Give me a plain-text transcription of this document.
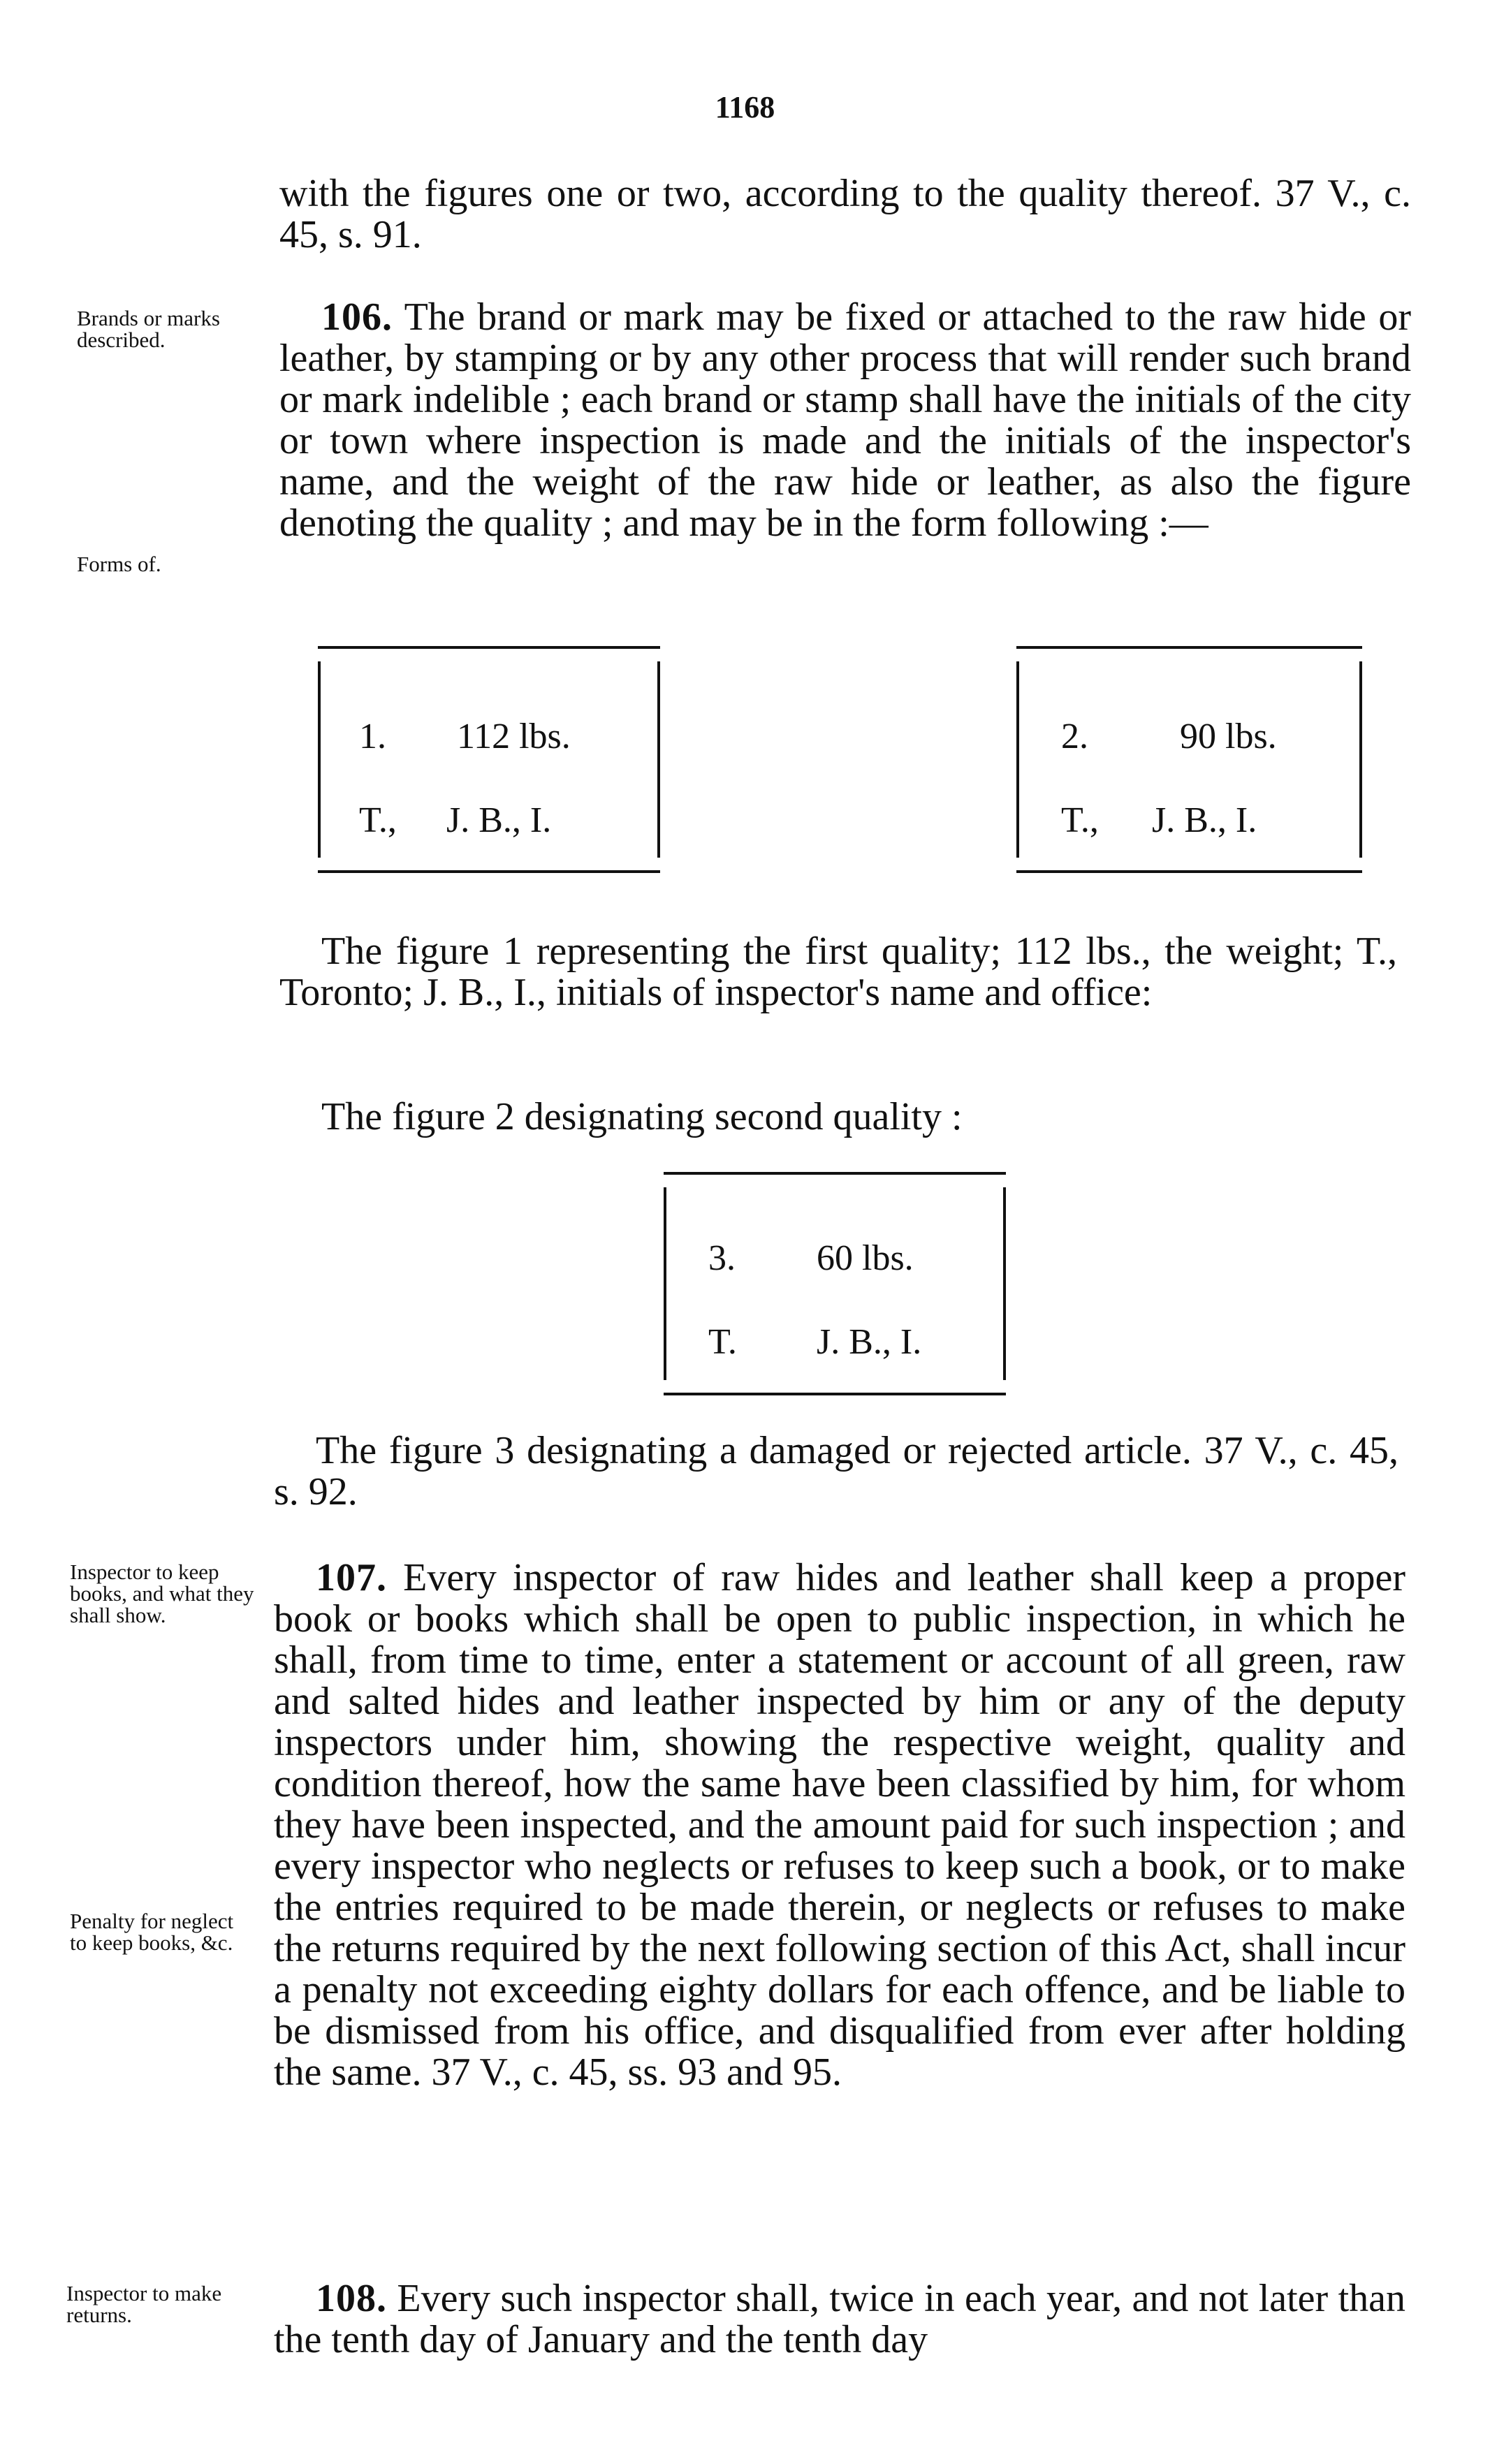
1168
with the figures one or two, according to the quality thereof. 37 V., c. 45, s. 91.
Brands or marks described.
106. The brand or mark may be fixed or attached to the raw hide or leather, by stamping or by any other process that will render such brand or mark indelible ; each brand or stamp shall have the initials of the city or town where inspection is made and the initials of the inspector's name, and the weight of the raw hide or leather, as also the figure denoting the quality ; and may be in the form following :—
Forms of.
1. 112 lbs.
T., J. B., I.
2.	90 lbs.
T., J. B., I.
The figure 1 representing the first quality; 112 lbs., the weight; T., Toronto; J. B., I., initials of inspector's name and office:
The figure 2 designating second quality :
3. 60 lbs.
T. J. B., I.
The figure 3 designating a damaged or rejected article. 37 V., c. 45, s. 92.
Inspector to keep books, and what they shall show.
107. Every inspector of raw hides and leather shall keep a proper book or books which shall be open to public inspection, in which he shall, from time to time, enter a statement or account of all green, raw and salted hides and leather inspected by him or any of the deputy inspectors under him, showing the respective weight, quality and condition thereof, how the same have been classified by him, for whom they have been inspected, and the amount paid for such inspection ; and every inspector who neglects or refuses to keep such a book, or to make the entries required to be made therein, or neglects or refuses to make the returns required by the next following section of this Act, shall incur a penalty not exceeding eighty dollars for each offence, and be liable to be dismissed from his office, and disqualified from ever after holding the same. 37 V., c. 45, ss. 93 and 95.
Penalty for neglect to keep books, &c.
Inspector to make returns.	108. Every such inspector shall, twice in each year, and not later than the tenth day of January and the tenth day
